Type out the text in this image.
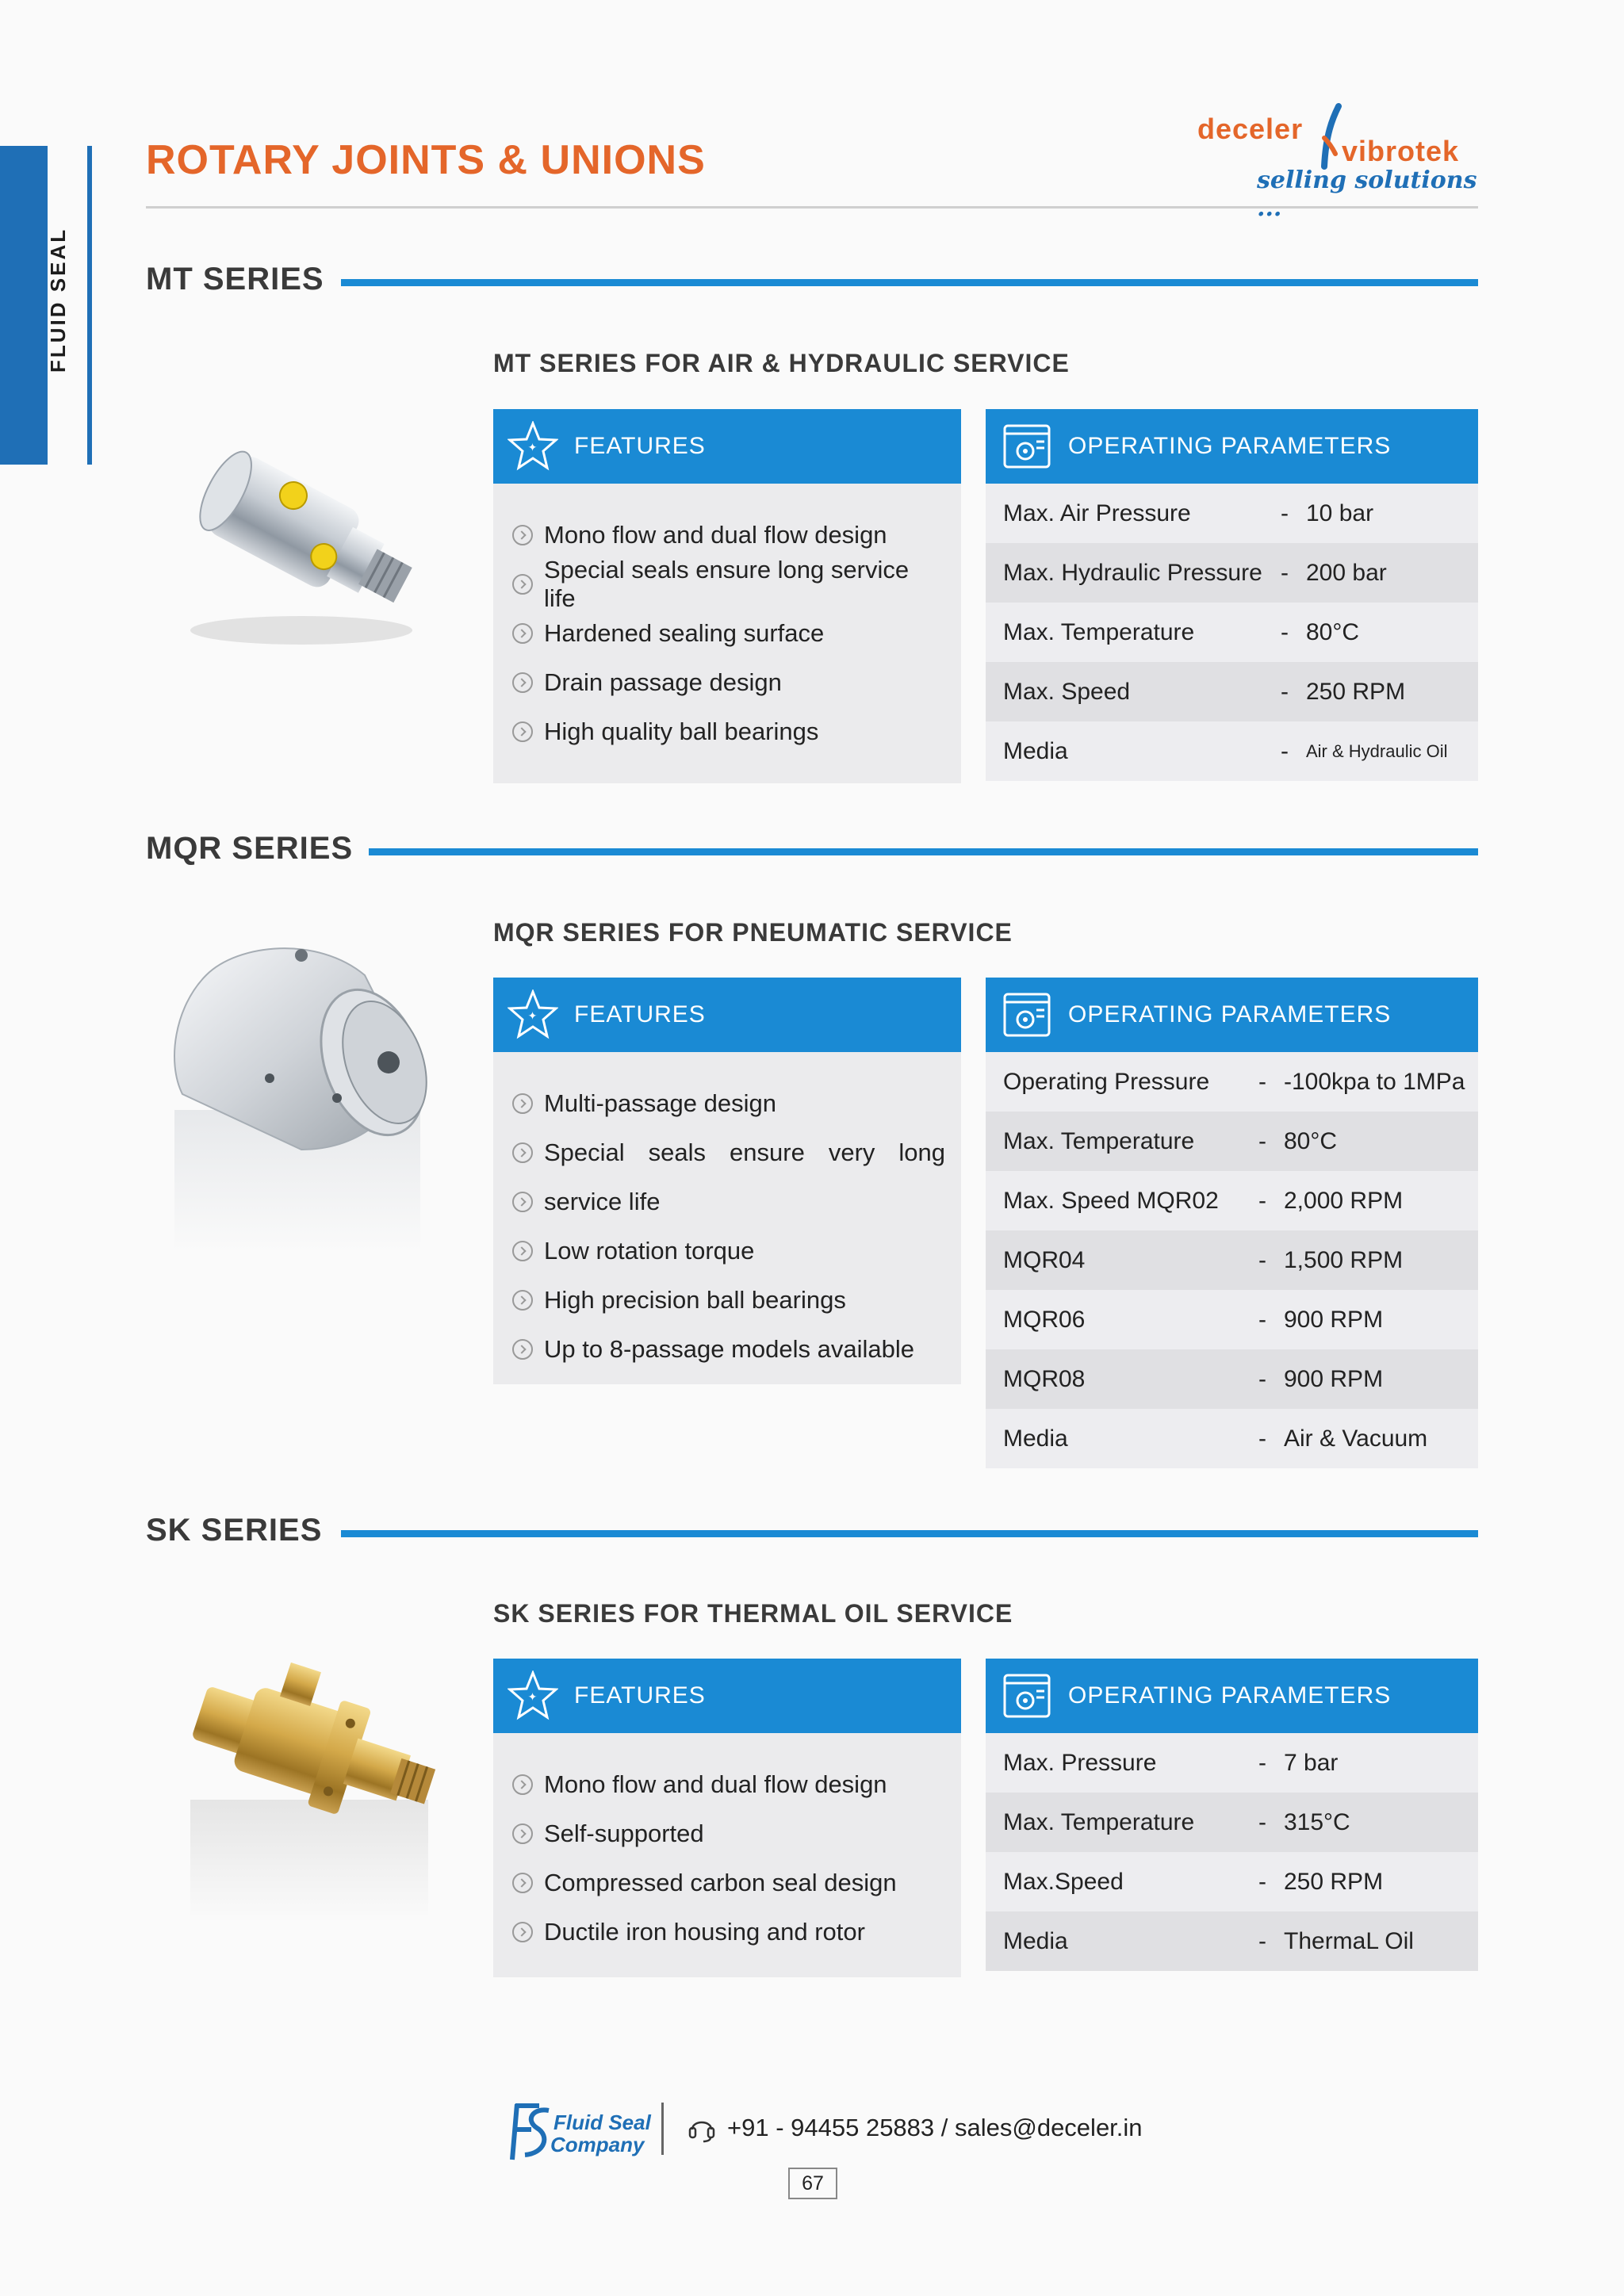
FLUID SEAL
ROTARY JOINTS & UNIONS
deceler
vibrotek
selling solutions ...
MT SERIES
MT SERIES FOR AIR & HYDRAULIC SERVICE
✦ FEATURES
Mono flow and dual flow design
Special seals ensure long service life
Hardened sealing surface
Drain passage design
High quality ball bearings
OPERATING PARAMETERS
Max. Air Pressure	- 10 bar
Max. Hydraulic Pressure - 200 bar
Max. Temperature	- 80°C
Max. Speed	- 250 RPM
Media	-	Air & Hydraulic Oil
MQR SERIES
MQR SERIES FOR PNEUMATIC SERVICE
✦ FEATURES
Multi-passage design
Special seals ensure very long
service life
Low rotation torque
High precision ball bearings
Up to 8-passage models available
OPERATING PARAMETERS
Operating Pressure	- -100kpa to 1MPa
Max. Temperature	- 80°C
Max. Speed MQR02	- 2,000 RPM
MQR04	- 1,500 RPM
MQR06	- 900 RPM
MQR08	- 900 RPM
Media	- Air & Vacuum
SK SERIES
SK SERIES FOR THERMAL OIL SERVICE
✦ FEATURES
Mono flow and dual flow design
Self-supported
Compressed carbon seal design
Ductile iron housing and rotor
OPERATING PARAMETERS
Max. Pressure	- 7 bar
Max. Temperature	- 315°C
Max.Speed	- 250 RPM
Media	- ThermaL Oil
Fluid Seal
Company
+91 - 94455 25883 / sales@deceler.in
67
